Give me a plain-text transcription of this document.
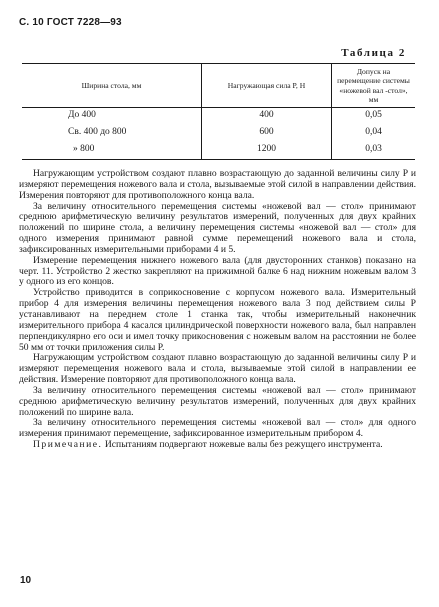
С. 10 ГОСТ 7228—93
Таблица 2
Ширина стола, мм	Нагружающая сила P, Н	Допуск на перемещение системы «ножевой вал -стол», мм
До 400	400	0,05
Св. 400 до 800	600	0,04
» 800	1200	0,03

Нагружающим устройством создают плавно возрастающую до заданной величины силу P и измеряют перемещения ножевого вала и стола, вызываемые этой силой в направлении действия. Измерения повторяют для противоположного конца вала.

За величину относительного перемещения системы «ножевой вал — стол» принимают среднюю арифметическую величину результатов измерений, полученных для двух крайних положений по ширине стола, а величину перемещения системы «ножевой вал — стол» для одного измерения принимают равной сумме перемещений ножевого вала и стола, зафиксированных измерительными приборами 4 и 5.

Измерение перемещения нижнего ножевого вала (для двусторонних станков) показано на черт. 11. Устройство 2 жестко закрепляют на прижимной балке 6 над нижним ножевым валом 3 у одного из его концов.

Устройство приводится в соприкосновение с корпусом ножевого вала. Измерительный прибор 4 для измерения величины перемещения ножевого вала 3 под действием силы P устанавливают на переднем столе 1 станка так, чтобы измерительный наконечник измерительного прибора 4 касался цилиндрической поверхности ножевого вала, был направлен перпендикулярно его оси и имел точку прикосновения с ножевым валом на расстоянии не более 50 мм от точки приложения силы P.

Нагружающим устройством создают плавно возрастающую до заданной величины силу P и измеряют перемещения ножевого вала и стола, вызываемые этой силой в направлении ее действия. Измерение повторяют для противоположного конца вала.

За величину относительного перемещения системы «ножевой вал — стол» принимают среднюю арифметическую величину результатов измерений, полученных для двух крайних положений по ширине вала.

За величину относительного перемещения системы «ножевой вал — стол» для одного измерения принимают перемещение, зафиксированное измерительным прибором 4.

Примечание. Испытаниям подвергают ножевые валы без режущего инструмента.

10
